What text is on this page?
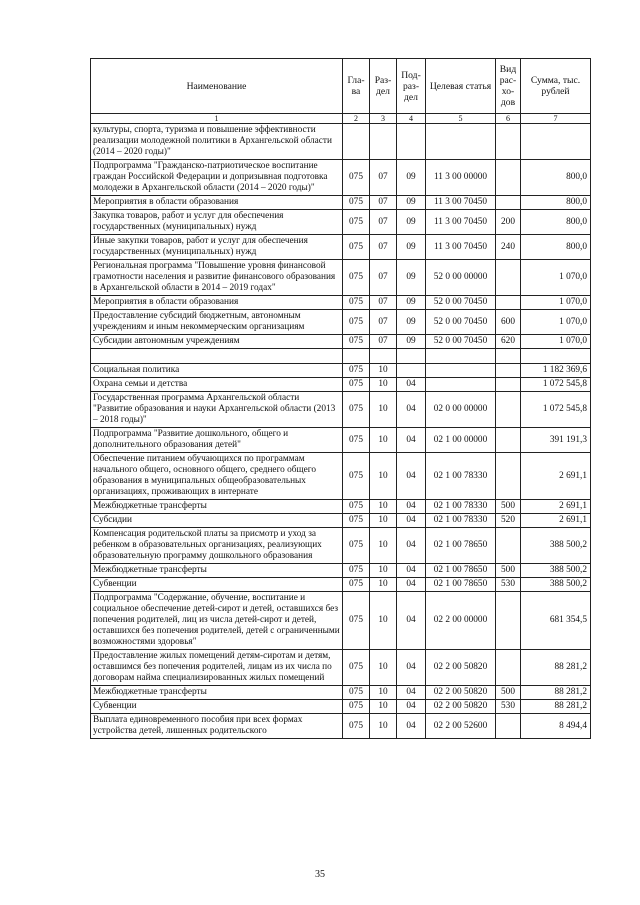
Наименование	Гла-ва	Раз-дел	Под-раз-дел	Целевая статья	Вид рас-хо-дов	Сумма, тыс. рублей
1	2	3	4	5	6	7
культуры, спорта, туризма и повышение эффективности реализации молодежной политики в Архангельской области (2014 – 2020 годы)"						
Подпрограмма "Гражданско-патриотическое воспитание граждан Российской Федерации и допризывная подготовка молодежи в Архангельской области (2014 – 2020 годы)"	075	07	09	11 3 00 00000		800,0
Мероприятия в области образования	075	07	09	11 3 00 70450		800,0
Закупка товаров, работ и услуг для обеспечения государственных (муниципальных) нужд	075	07	09	11 3 00 70450	200	800,0
Иные закупки товаров, работ и услуг для обеспечения государственных (муниципальных) нужд	075	07	09	11 3 00 70450	240	800,0
Региональная программа "Повышение уровня финансовой грамотности населения и развитие финансового образования в Архангельской области в 2014 – 2019 годах"	075	07	09	52 0 00 00000		1 070,0
Мероприятия в области образования	075	07	09	52 0 00 70450		1 070,0
Предоставление субсидий бюджетным, автономным учреждениям и иным некоммерческим организациям	075	07	09	52 0 00 70450	600	1 070,0
Субсидии автономным учреждениям	075	07	09	52 0 00 70450	620	1 070,0

Социальная политика	075	10				1 182 369,6
Охрана семьи и детства	075	10	04			1 072 545,8
Государственная программа Архангельской области "Развитие образования и науки Архангельской области (2013 – 2018 годы)"	075	10	04	02 0 00 00000		1 072 545,8
Подпрограмма "Развитие дошкольного, общего и дополнительного образования детей"	075	10	04	02 1 00 00000		391 191,3
Обеспечение питанием обучающихся по программам начального общего, основного общего, среднего общего образования в муниципальных общеобразовательных организациях, проживающих в интернате	075	10	04	02 1 00 78330		2 691,1
Межбюджетные трансферты	075	10	04	02 1 00 78330	500	2 691,1
Субсидии	075	10	04	02 1 00 78330	520	2 691,1
Компенсация родительской платы за присмотр и уход за ребенком в образовательных организациях, реализующих образовательную программу дошкольного образования	075	10	04	02 1 00 78650		388 500,2
Межбюджетные трансферты	075	10	04	02 1 00 78650	500	388 500,2
Субвенции	075	10	04	02 1 00 78650	530	388 500,2
Подпрограмма "Содержание, обучение, воспитание и социальное обеспечение детей-сирот и детей, оставшихся без попечения родителей, лиц из числа детей-сирот и детей, оставшихся без попечения родителей, детей с ограниченными возможностями здоровья"	075	10	04	02 2 00 00000		681 354,5
Предоставление жилых помещений детям-сиротам и детям, оставшимся без попечения родителей, лицам из их числа по договорам найма специализированных жилых помещений	075	10	04	02 2 00 50820		88 281,2
Межбюджетные трансферты	075	10	04	02 2 00 50820	500	88 281,2
Субвенции	075	10	04	02 2 00 50820	530	88 281,2
Выплата единовременного пособия при всех формах устройства детей, лишенных родительского	075	10	04	02 2 00 52600		8 494,4
35
